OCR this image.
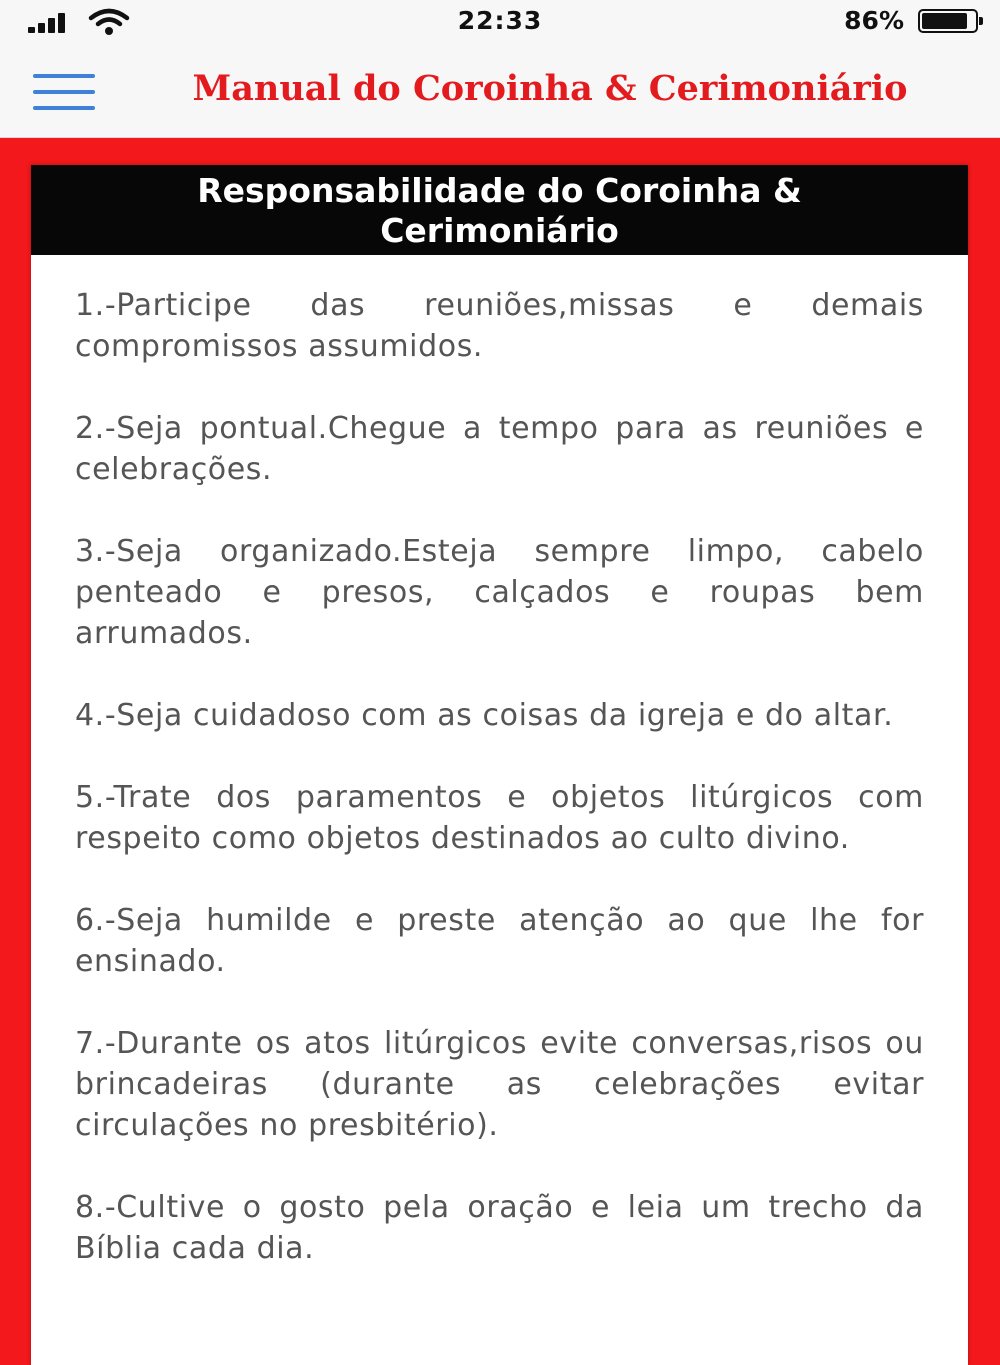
22:33	86%
Manual do Coroinha & Cerimoniário
Responsabilidade do Coroinha &
Cerimoniário

1.-Participe das reuniões,missas e demais compromissos assumidos.

2.-Seja pontual.Chegue a tempo para as reuniões e celebrações.

3.-Seja organizado.Esteja sempre limpo, cabelo penteado e presos, calçados e roupas bem arrumados.

4.-Seja cuidadoso com as coisas da igreja e do altar.

5.-Trate dos paramentos e objetos litúrgicos com respeito como objetos destinados ao culto divino.

6.-Seja humilde e preste atenção ao que lhe for ensinado.

7.-Durante os atos litúrgicos evite conversas,risos ou brincadeiras (durante as celebrações evitar circulações no presbitério).

8.-Cultive o gosto pela oração e leia um trecho da Bíblia cada dia.
